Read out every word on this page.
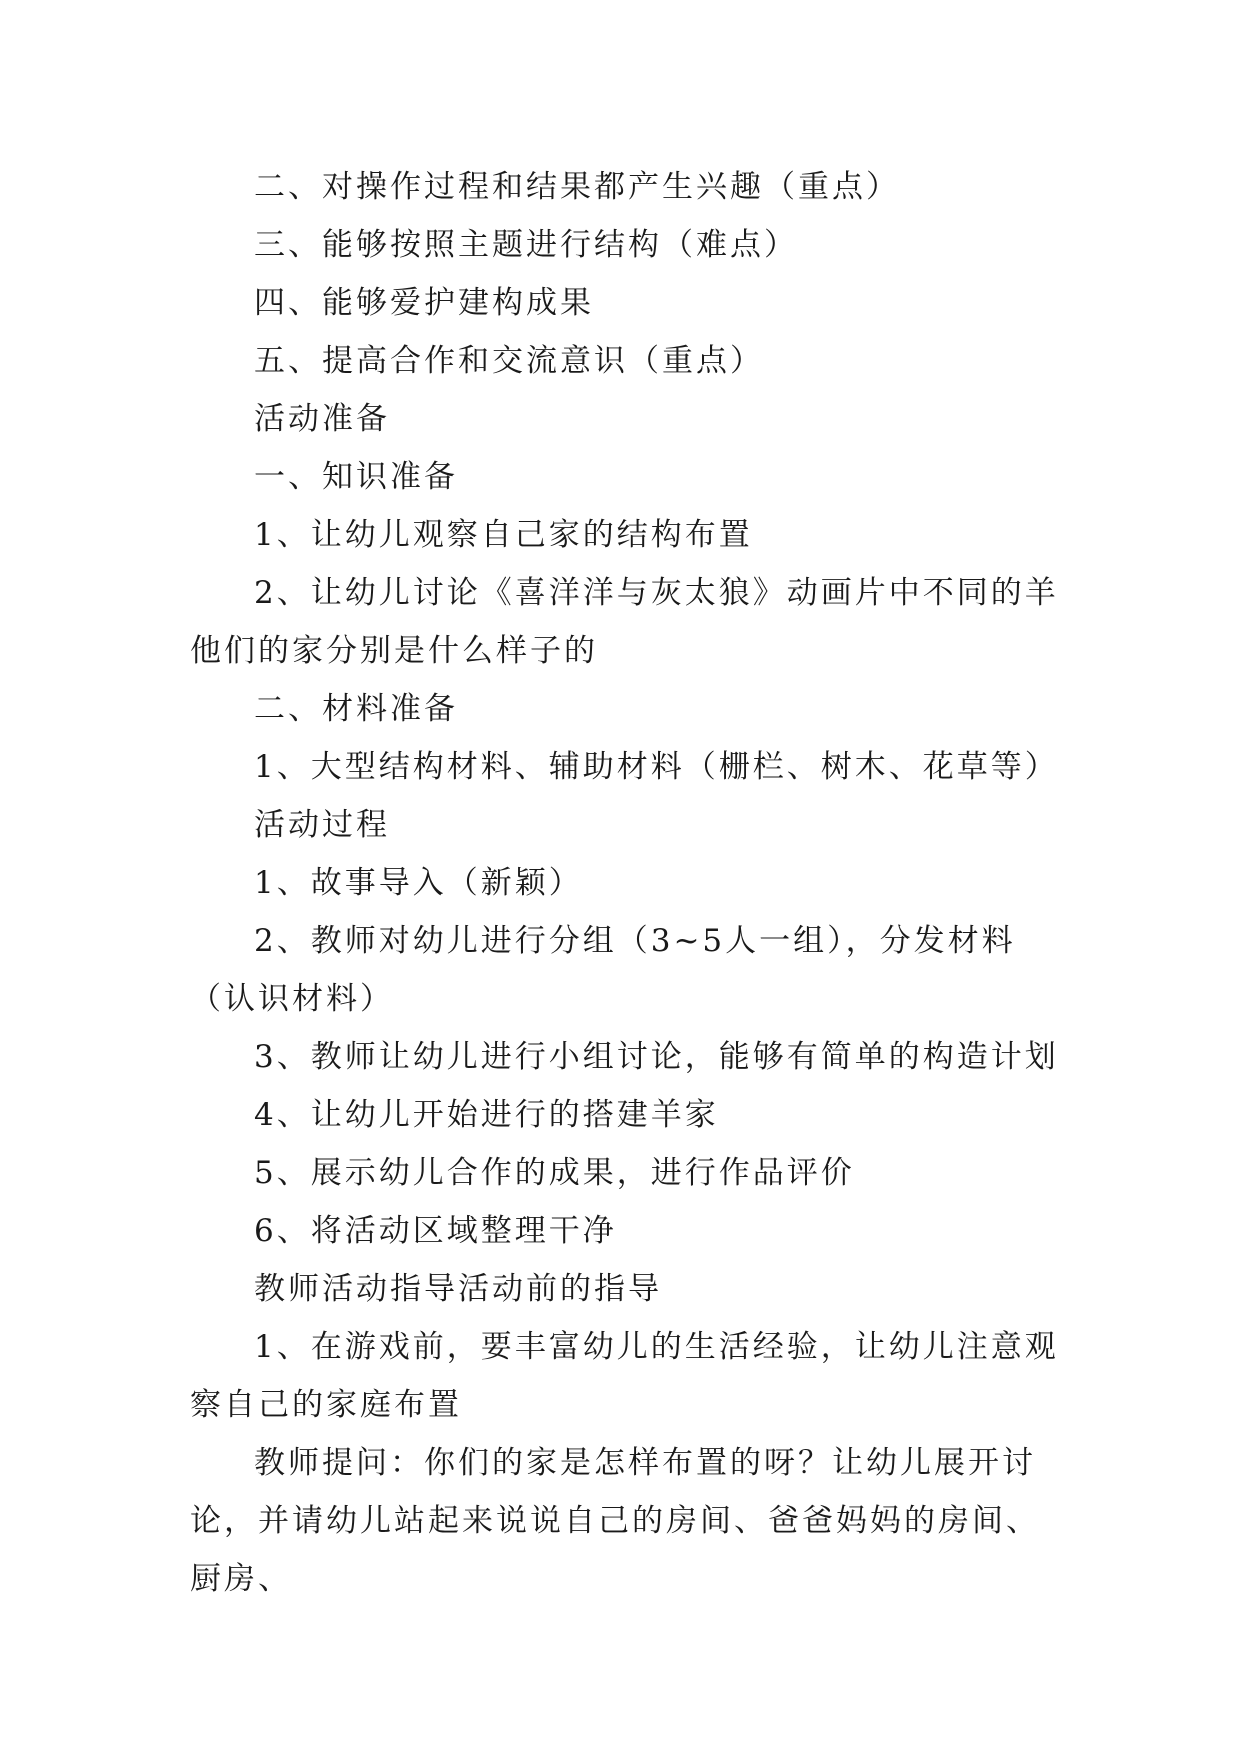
二、对操作过程和结果都产生兴趣（重点）

三、能够按照主题进行结构（难点）

四、能够爱护建构成果

五、提高合作和交流意识（重点）

活动准备

一、知识准备

1、让幼儿观察自己家的结构布置

2、让幼儿讨论《喜洋洋与灰太狼》动画片中不同的羊他们的家分别是什么样子的

二、材料准备

1、大型结构材料、辅助材料（栅栏、树木、花草等）

活动过程

1、故事导入（新颖）

2、教师对幼儿进行分组（3~5人一组），分发材料（认识材料）

3、教师让幼儿进行小组讨论，能够有简单的构造计划

4、让幼儿开始进行的搭建羊家

5、展示幼儿合作的成果，进行作品评价

6、将活动区域整理干净

教师活动指导活动前的指导

1、在游戏前，要丰富幼儿的生活经验，让幼儿注意观察自己的家庭布置

教师提问：你们的家是怎样布置的呀？让幼儿展开讨论，并请幼儿站起来说说自己的房间、爸爸妈妈的房间、厨房、
